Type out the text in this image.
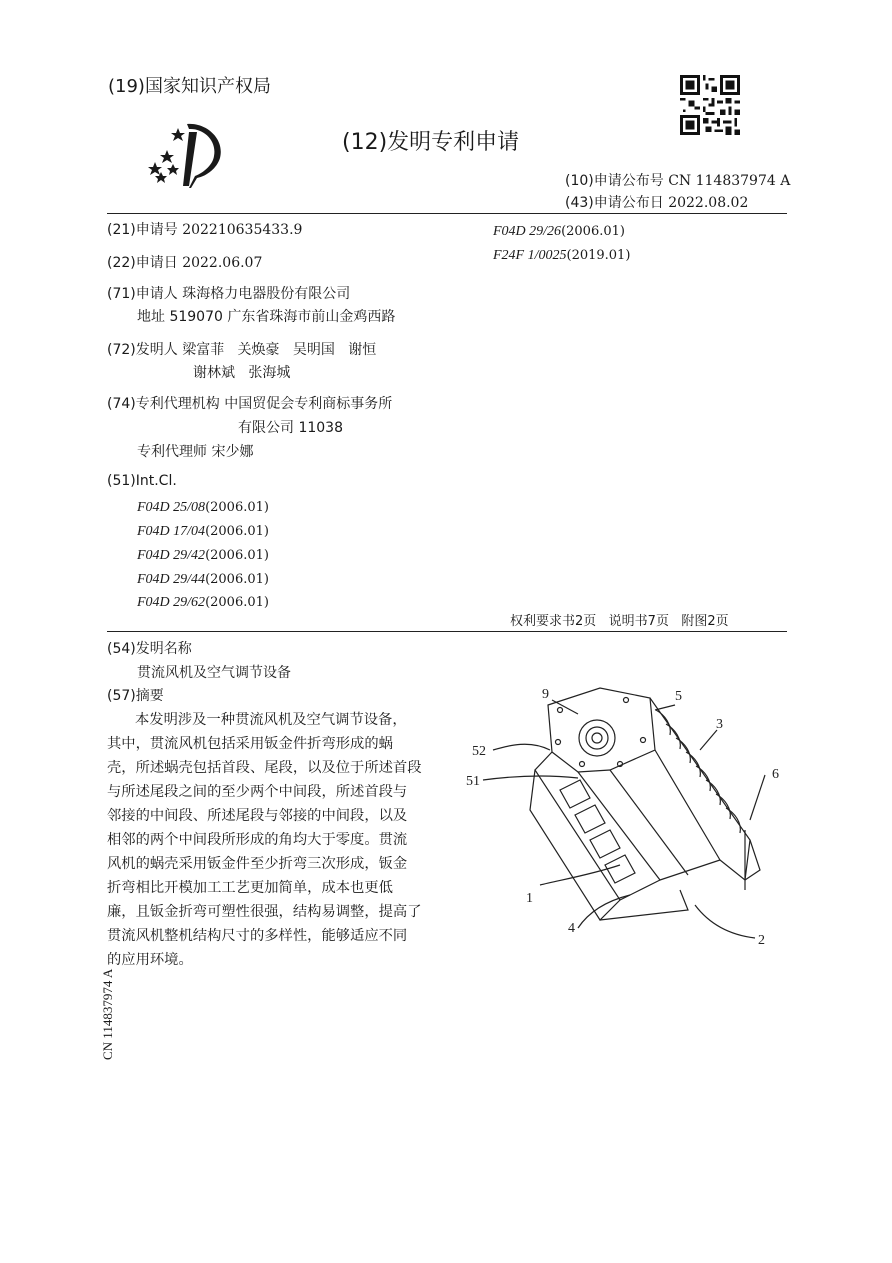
(19)国家知识产权局
(12)发明专利申请
(10)申请公布号 CN 114837974 A
(43)申请公布日 2022.08.02
(21)申请号 202210635433.9
(22)申请日 2022.06.07
(71)申请人 珠海格力电器股份有限公司
地址 519070 广东省珠海市前山金鸡西路
(72)发明人 梁富菲   关焕豪   吴明国   谢恒
谢林斌   张海城
(74)专利代理机构 中国贸促会专利商标事务所
有限公司 11038
专利代理师 宋少娜
(51)Int.Cl.
F04D 25/08(2006.01)
F04D 17/04(2006.01)
F04D 29/42(2006.01)
F04D 29/44(2006.01)
F04D 29/62(2006.01)
F04D 29/26(2006.01)
F24F 1/0025(2019.01)
权利要求书2页   说明书7页   附图2页
(54)发明名称
贯流风机及空气调节设备
(57)摘要
本发明涉及一种贯流风机及空气调节设备，
其中，贯流风机包括采用钣金件折弯形成的蜗
壳，所述蜗壳包括首段、尾段，以及位于所述首段
与所述尾段之间的至少两个中间段，所述首段与
邻接的中间段、所述尾段与邻接的中间段，以及
相邻的两个中间段所形成的角均大于零度。贯流
风机的蜗壳采用钣金件至少折弯三次形成，钣金
折弯相比开模加工工艺更加简单，成本也更低
廉，且钣金折弯可塑性很强，结构易调整，提高了
贯流风机整机结构尺寸的多样性，能够适应不同
的应用环境。
9	5
3
52
6
51
1
4
2
CN 114837974 A
